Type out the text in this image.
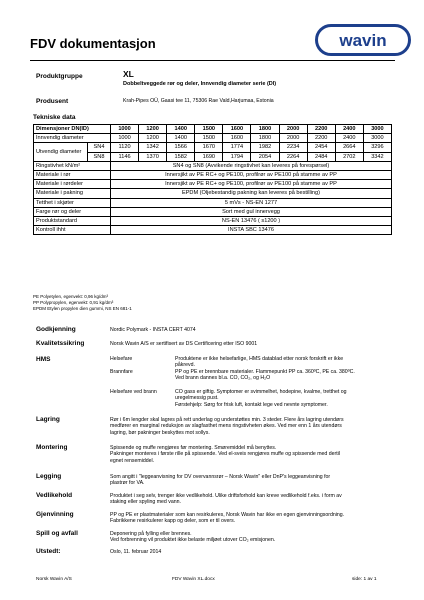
FDV dokumentasjon	wavin
Produktgruppe	XL
Dobbeltveggede rør og deler, Innvendig diameter serie (DI)
Produsent	Krah-Pipes OÜ, Gaasi tee 11, 75306 Rae Vald,Harjumaa, Estonia
Tekniske data
Dimensjoner DN(ID)		1000	1200	1400	1500	1600	1800	2000	2200	2400	3000
Innvendig diameter		1000	1200	1400	1500	1600	1800	2000	2200	2400	3000
Utvendig diameter	SN4	1120	1342	1566	1670	1774	1982	2234	2454	2664	3296
	SN8	1146	1370	1582	1690	1794	2054	2264	2484	2702	3342
Ringstivhet kN/m²		SN4 og SN8 (Avvikende ringstivhet kan leveres på forespørsel)									
Materiale i rør		Innersjikt av PE RC+ og PE100, profilrør av PE100 på stamme av PP									
Materiale i rørdeler		Innersjikt av PE RC+ og PE100, profilrør av PE100 på stamme av PP									
Materiale i pakning		EPDM (Oljebestandig pakning kan leveres på bestilling)									
Tetthet i skjøter		5 mVs - NS-EN 1277									
Farge rør og deler		Sort med gul innervegg									
Produktstandard		NS-EN 13476 ( s1200 )									
Kontroll ihht		INSTA SBC 13476									
PE Polyetylen, egenvekt: 0,96 kg/dm³
PP Polypropylen, egenvekt: 0,91 kg/dm³
EPDM Etylen propylen dien gummi, NS EN 681-1
Godkjenning	Nordic Polymark - INSTA CERT 4074
Kvalitetssikring	Norsk Wavin A/S er sertifisert av DS Certificering etter ISO 9001
HMS	Helsefare	Produktene er ikke helsefarlige, HMS datablad etter norsk forskrift er ikke
påkrevd.
Brannfare	PP og PE er brennbare materialer. Flammepunkt PP ca. 360ºC, PE ca. 380ºC.
Ved brann dannes bl.a. CO, CO₂, og H₂O
Helsefare ved brann	CO gass er giftig. Symptomer er svimmelhet, hodepine, kvalme, tretthet og
uregelmessig pust.
Førstehjelp: Sørg for frisk luft, kontakt lege ved nevnte symptomer.
Lagring	Rør i 6m lengder skal lagres på rett underlag og understøttes min. 3 steder. Flere års lagring utendørs
medfører en marginal reduksjon av slagfasthet mens ringstivheten økes. Ved mer enn 1 års utendørs
lagring, bør pakninger beskyttes mot sollys.
Montering	Spissende og muffe rengjøres før montering. Smøremiddel må benyttes.
Pakninger monteres i første rille på spissende. Ved el-sveis rengjøres muffe og spissende med dertil
egnet rensemiddel.
Legging	Som angitt i "leggeanvisning for DV overvannsrør – Norsk Wavin" eller DnP's leggeanvisning for
plastrør for VA.
Vedlikehold	Produktet i seg selv, trenger ikke vedlikehold. Ulike driftsforhold kan kreve vedlikehold f.eks. i form av
staking eller spyling med vann.
Gjenvinning	PP og PE er plastmaterialer som kan resirkuleres, Norsk Wavin har ikke en egen gjenvinningsordning.
Fabrikkene resirkulerer kapp og deler, som er til overs.
Spill og avfall	Deponering på fylling eller brennes.
Ved forbrenning vil produktet ikke belaste miljøet utover CO₂ emisjonen.
Utstedt:	Oslo, 11. februar 2014
Norsk Wavin A/S	FDV Wavin XL.docx	side: 1 av 1
